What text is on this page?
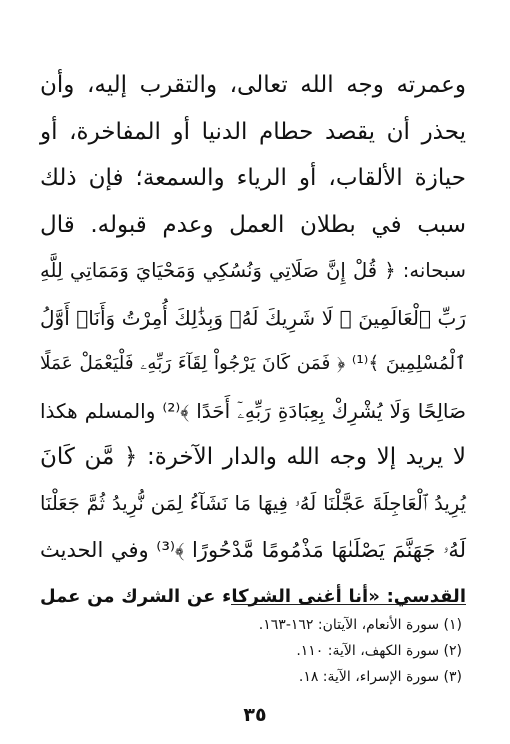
وعمرته وجه الله تعالى، والتقرب إليه، وأن
يحذر أن يقصد حطام الدنيا أو المفاخرة، أو
حيازة الألقاب، أو الرياء والسمعة؛ فإن ذلك
سبب في بطلان العمل وعدم قبوله. قال
سبحانه: ﴿ قُلْ إِنَّ صَلَاتِي وَنُسُكِي وَمَحْيَايَ وَمَمَاتِي لِلَّهِ
رَبِّ ٱلْعَالَمِينَ ۞ لَا شَرِيكَ لَهُۥ وَبِذَٰلِكَ أُمِرْتُ وَأَنَا۠ أَوَّلُ
ٱلْمُسْلِمِينَ ﴾⁽¹⁾ ﴿ فَمَن كَانَ يَرْجُواْ لِقَآءَ رَبِّهِۦ فَلْيَعْمَلْ عَمَلًا
صَالِحًا وَلَا يُشْرِكْ بِعِبَادَةِ رَبِّهِۦٓ أَحَدًا ﴾⁽²⁾ والمسلم هكذا
لا يريد إلا وجه الله والدار الآخرة: ﴿ مَّن كَانَ
يُرِيدُ ٱلْعَاجِلَةَ عَجَّلْنَا لَهُۥ فِيهَا مَا نَشَآءُ لِمَن نُّرِيدُ ثُمَّ جَعَلْنَا
لَهُۥ جَهَنَّمَ يَصْلَىٰهَا مَذْمُومًا مَّدْحُورًا ﴾⁽³⁾ وفي الحديث
القدسي: «أنا أغنى الشركاء عن الشرك من عمل
(١) سورة الأنعام، الآيتان: ١٦٢-١٦٣.
(٢) سورة الكهف، الآية: ١١٠.
(٣) سورة الإسراء، الآية: ١٨.
٣٥
